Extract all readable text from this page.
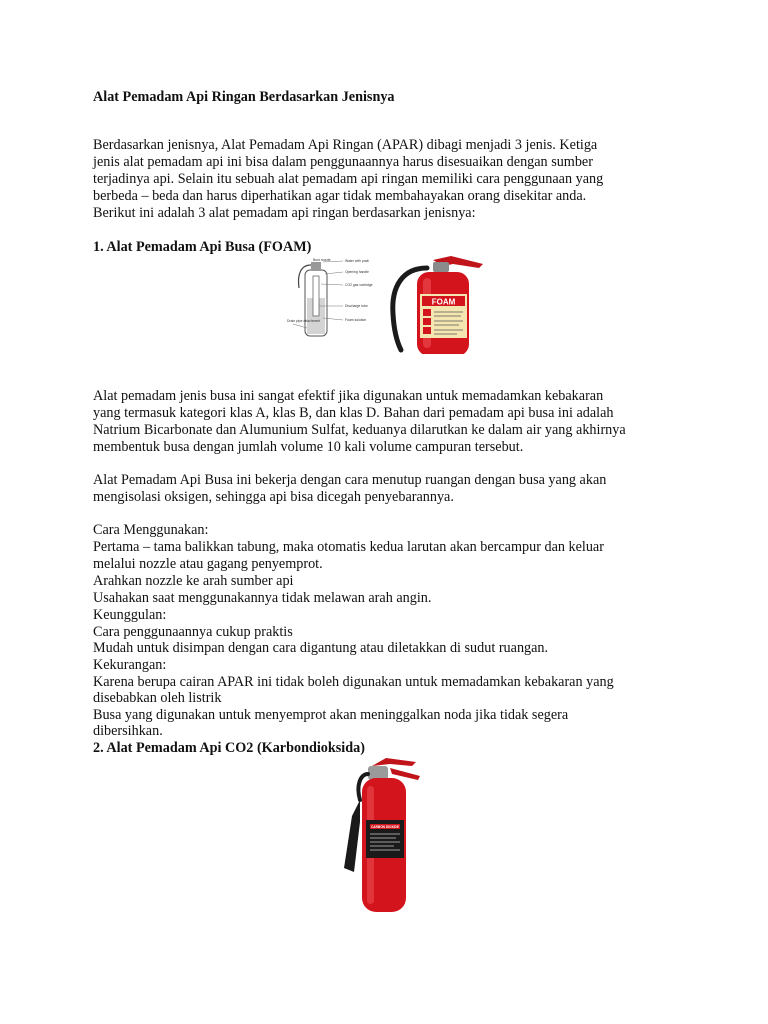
Alat Pemadam Api Ringan Berdasarkan Jenisnya
Berdasarkan jenisnya, Alat Pemadam Api Ringan (APAR) dibagi menjadi 3 jenis. Ketiga
jenis alat pemadam api ini bisa dalam penggunaannya harus disesuaikan dengan sumber
terjadinya api. Selain itu sebuah alat pemadam api ringan memiliki cara penggunaan yang
berbeda – beda dan harus diperhatikan agar tidak membahayakan orang disekitar anda.
Berikut ini adalah 3 alat pemadam api ringan berdasarkan jenisnya:
1. Alat Pemadam Api Busa (FOAM)
Water with pratt
Opening handle
CO2 gas cartridge
Discharge tube
Foam solution
Drain pipe attachment
Bust nozzle
FOAM
Alat pemadam jenis busa ini sangat efektif jika digunakan untuk memadamkan kebakaran
yang termasuk kategori klas A, klas B, dan klas D. Bahan dari pemadam api busa ini adalah
Natrium Bicarbonate dan Alumunium Sulfat, keduanya dilarutkan ke dalam air yang akhirnya
membentuk busa dengan jumlah volume 10 kali volume campuran tersebut.
Alat Pemadam Api Busa ini bekerja dengan cara menutup ruangan dengan busa yang akan
mengisolasi oksigen, sehingga api bisa dicegah penyebarannya.
Cara Menggunakan:
Pertama – tama balikkan tabung, maka otomatis kedua larutan akan bercampur dan keluar
melalui nozzle atau gagang penyemprot.
Arahkan nozzle ke arah sumber api
Usahakan saat menggunakannya tidak melawan arah angin.
Keunggulan:
Cara penggunaannya cukup praktis
Mudah untuk disimpan dengan cara digantung atau diletakkan di sudut ruangan.
Kekurangan:
Karena berupa cairan APAR ini tidak boleh digunakan untuk memadamkan kebakaran yang
disebabkan oleh listrik
Busa yang digunakan untuk menyemprot akan meninggalkan noda jika tidak segera
dibersihkan.
2. Alat Pemadam Api CO2 (Karbondioksida)
CARBON DIOXIDE
